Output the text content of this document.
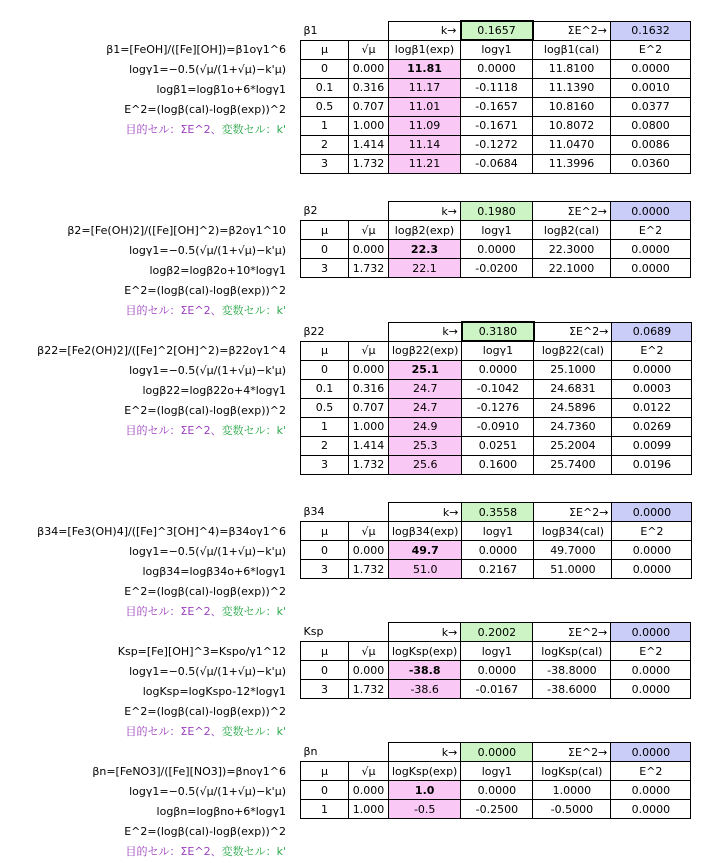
β1=[FeOH]/([Fe][OH])=β1oγ1^6
logγ1=−0.5(√μ/(1+√μ)−k'μ)
logβ1=logβ1o+6*logγ1
E^2=(logβ(cal)-logβ(exp))^2
目的セル：ΣE^2、変数セル：k'
β1		k→	0.1657	ΣE^2→	0.1632
μ	√μ	logβ1(exp)	logγ1	logβ1(cal)	E^2
0	0.000	11.81	0.0000	11.8100	0.0000
0.1	0.316	11.17	-0.1118	11.1390	0.0010
0.5	0.707	11.01	-0.1657	10.8160	0.0377
1	1.000	11.09	-0.1671	10.8072	0.0800
2	1.414	11.14	-0.1272	11.0470	0.0086
3	1.732	11.21	-0.0684	11.3996	0.0360
β2=[Fe(OH)2]/([Fe][OH]^2)=β2oγ1^10
logγ1=−0.5(√μ/(1+√μ)−k'μ)
logβ2=logβ2o+10*logγ1
E^2=(logβ(cal)-logβ(exp))^2
目的セル：ΣE^2、変数セル：k'
β2		k→	0.1980	ΣE^2→	0.0000
μ	√μ	logβ2(exp)	logγ1	logβ2(cal)	E^2
0	0.000	22.3	0.0000	22.3000	0.0000
3	1.732	22.1	-0.0200	22.1000	0.0000
β22=[Fe2(OH)2]/([Fe]^2[OH]^2)=β22oγ1^4
logγ1=−0.5(√μ/(1+√μ)−k'μ)
logβ22=logβ22o+4*logγ1
E^2=(logβ(cal)-logβ(exp))^2
目的セル：ΣE^2、変数セル：k'
β22		k→	0.3180	ΣE^2→	0.0689
μ	√μ	logβ22(exp)	logγ1	logβ22(cal)	E^2
0	0.000	25.1	0.0000	25.1000	0.0000
0.1	0.316	24.7	-0.1042	24.6831	0.0003
0.5	0.707	24.7	-0.1276	24.5896	0.0122
1	1.000	24.9	-0.0910	24.7360	0.0269
2	1.414	25.3	0.0251	25.2004	0.0099
3	1.732	25.6	0.1600	25.7400	0.0196
β34=[Fe3(OH)4]/([Fe]^3[OH]^4)=β34oγ1^6
logγ1=−0.5(√μ/(1+√μ)−k'μ)
logβ34=logβ34o+6*logγ1
E^2=(logβ(cal)-logβ(exp))^2
目的セル：ΣE^2、変数セル：k'
β34		k→	0.3558	ΣE^2→	0.0000
μ	√μ	logβ34(exp)	logγ1	logβ34(cal)	E^2
0	0.000	49.7	0.0000	49.7000	0.0000
3	1.732	51.0	0.2167	51.0000	0.0000
Ksp=[Fe][OH]^3=Kspo/γ1^12
logγ1=−0.5(√μ/(1+√μ)−k'μ)
logKsp=logKspo-12*logγ1
E^2=(logβ(cal)-logβ(exp))^2
目的セル：ΣE^2、変数セル：k'
Ksp		k→	0.2002	ΣE^2→	0.0000
μ	√μ	logKsp(exp)	logγ1	logKsp(cal)	E^2
0	0.000	-38.8	0.0000	-38.8000	0.0000
3	1.732	-38.6	-0.0167	-38.6000	0.0000
βn=[FeNO3]/([Fe][NO3])=βnoγ1^6
logγ1=−0.5(√μ/(1+√μ)−k'μ)
logβn=logβno+6*logγ1
E^2=(logβ(cal)-logβ(exp))^2
目的セル：ΣE^2、変数セル：k'
βn		k→	0.0000	ΣE^2→	0.0000
μ	√μ	logKsp(exp)	logγ1	logKsp(cal)	E^2
0	0.000	1.0	0.0000	1.0000	0.0000
1	1.000	-0.5	-0.2500	-0.5000	0.0000
